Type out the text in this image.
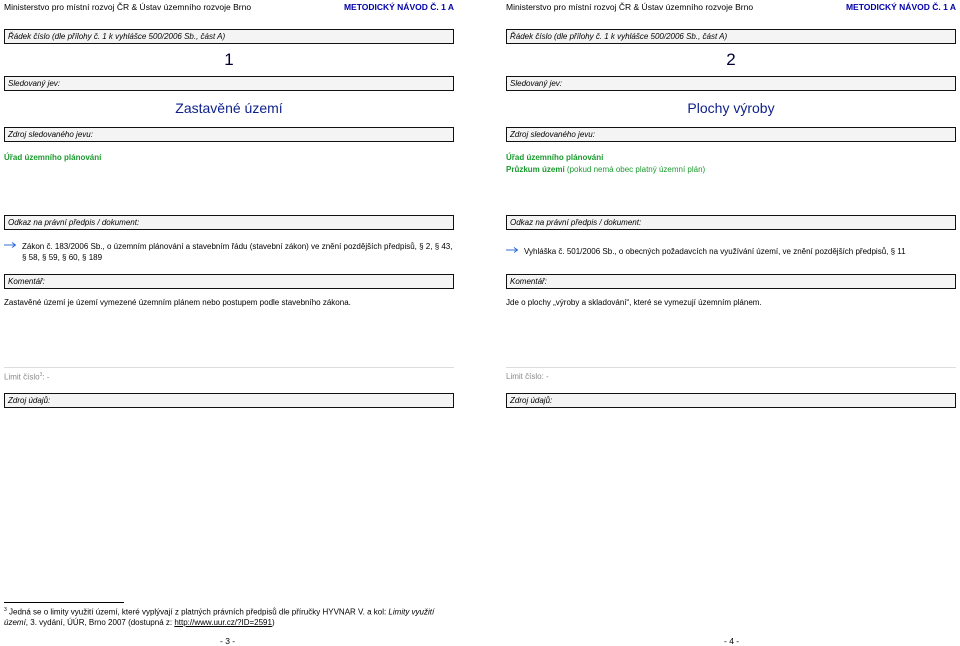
Ministerstvo pro místní rozvoj ČR & Ústav územního rozvoje Brno	METODICKÝ NÁVOD Č. 1 A
Řádek číslo (dle přílohy č. 1 k vyhlášce 500/2006 Sb., část A)
1
Sledovaný jev:
Zastavěné území
Zdroj sledovaného jevu:
Úřad územního plánování
Odkaz na právní předpis / dokument:
Zákon č. 183/2006 Sb., o územním plánování a stavebním řádu (stavební zákon) ve znění pozdějších předpisů, § 2, § 43, § 58, § 59, § 60, § 189
Komentář:
Zastavěné území je území vymezené územním plánem nebo postupem podle stavebního zákona.
Limit číslo$^3$: -
Zdroj údajů:
- 3 -
Ministerstvo pro místní rozvoj ČR & Ústav územního rozvoje Brno	METODICKÝ NÁVOD Č. 1 A
Řádek číslo (dle přílohy č. 1 k vyhlášce 500/2006 Sb., část A)
2
Sledovaný jev:
Plochy výroby
Zdroj sledovaného jevu:
Úřad územního plánování
Průzkum území (pokud nemá obec platný územní plán)
Odkaz na právní předpis / dokument:
Vyhláška č. 501/2006 Sb., o obecných požadavcích na využívání území, ve znění pozdějších předpisů, § 11
Komentář:
Jde o plochy „výroby a skladování“, které se vymezují územním plánem.
Limit číslo: -
Zdroj údajů:
- 4 -
$^3$ Jedná se o limity využití území, které vyplývají z platných právních předpisů dle příručky HYVNAR V. a kol: Limity využití území, 3. vydání, ÚÚR, Brno 2007 (dostupná z: http://www.uur.cz/?ID=2591)
